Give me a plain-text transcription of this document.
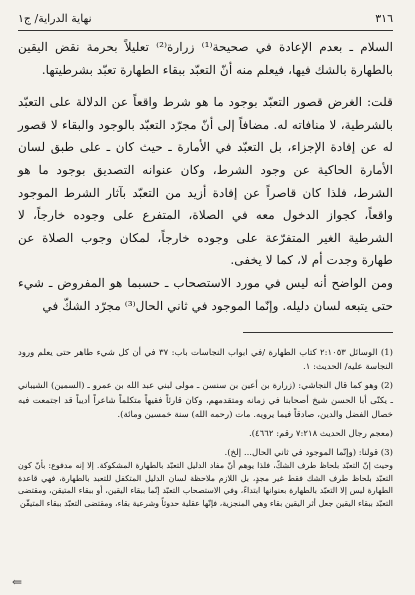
٣١٦
نهاية الدراية/ ج١

السلام ـ بعدم الإعادة في صحيحة⁽¹⁾ زرارة⁽²⁾ تعليلاً بحرمة نقض اليقين بالطهارة بالشك فيها، فيعلم منه أنّ التعبّد ببقاء الطهارة تعبّد بشرطيتها.

قلت: الغرض قصور التعبّد بوجود ما هو شرط واقعاً عن الدلالة على التعبّد بالشرطية، لا منافاته له. مضافاً إلى أنّ مجرّد التعبّد بالوجود والبقاء لا قصور له عن إفادة الإجزاء، بل التعبّد في الأمارة ـ حيث كان ـ على طبق لسان الأمارة الحاكية عن وجود الشرط، وكان عنوانه التصديق بوجود ما هو الشرط، فلذا كان قاصراً عن إفادة أزيد من التعبّد بآثار الشرط الموجود واقعاً، كجواز الدخول معه في الصلاة، المتفرع على وجوده خارجاً، لا الشرطية الغير المتفرّعة على وجوده خارجاً، لمكان وجوب الصلاة عن طهارة وجدت أم لا، كما لا يخفى.

ومن الواضح أنه ليس في مورد الاستصحاب ـ حسبما هو المفروض ـ شيء حتى يتبعه لسان دليله. وإنّما الموجود في ثاني الحال⁽³⁾ مجرّد الشكّ في

(1) الوسائل ٢:١٠٥٣ كتاب الطهارة /في ابواب النجاسات باب: ٣٧ في أن كل شيء طاهر حتى يعلم ورود النجاسة عليه/ الحديث: ١.

(2) وهو كما قال النجاشي: (زرارة بن أعين بن سنسن ـ مولى لبني عبد الله بن عمرو ـ (السمين) الشيباني ـ يكنّى أبا الحسن شيخ أصحابنا في زمانه ومتقدمهم، وكان قارئاً فقيهاً متكلماً شاعراً أديباً قد اجتمعت فيه خصال الفضل والدين، صادقاً فيما يرويه. مات (رحمه الله) سنة خمسين ومائة).

(معجم رجال الحديث ٧:٢١٨ رقم: ٤٦٦٢).

(3) قولنا: (وإنّما الموجود في ثاني الحال... إلخ).

وحيث إنّ التعبّد بلحاظ طرف الشكّ، فلذا يوهم أنّ مفاد الدليل التعبّد بالطهارة المشكوكة. إلا إنه مدفوع: بأنّ كون التعبّد بلحاظ طرف الشك فقط غير مجدٍ، بل اللازم ملاحظة لسان الدليل المتكفل للتعبد بالطهارة، فهي قاعدة الطهارة ليس إلا التعبّد بالطهارة بعنوانها ابتداءً، وفي الاستصحاب التعبّد إنّما ببقاء اليقين، أو ببقاء المتيقن، ومقتضى التعبّد ببقاء اليقين جعل أثر اليقين بقاء وهي المنجزية، فإنّها عقلية حدوثاً وشرعية بقاء، ومقتضى التعبّد ببقاء المتيقّن

⇐
